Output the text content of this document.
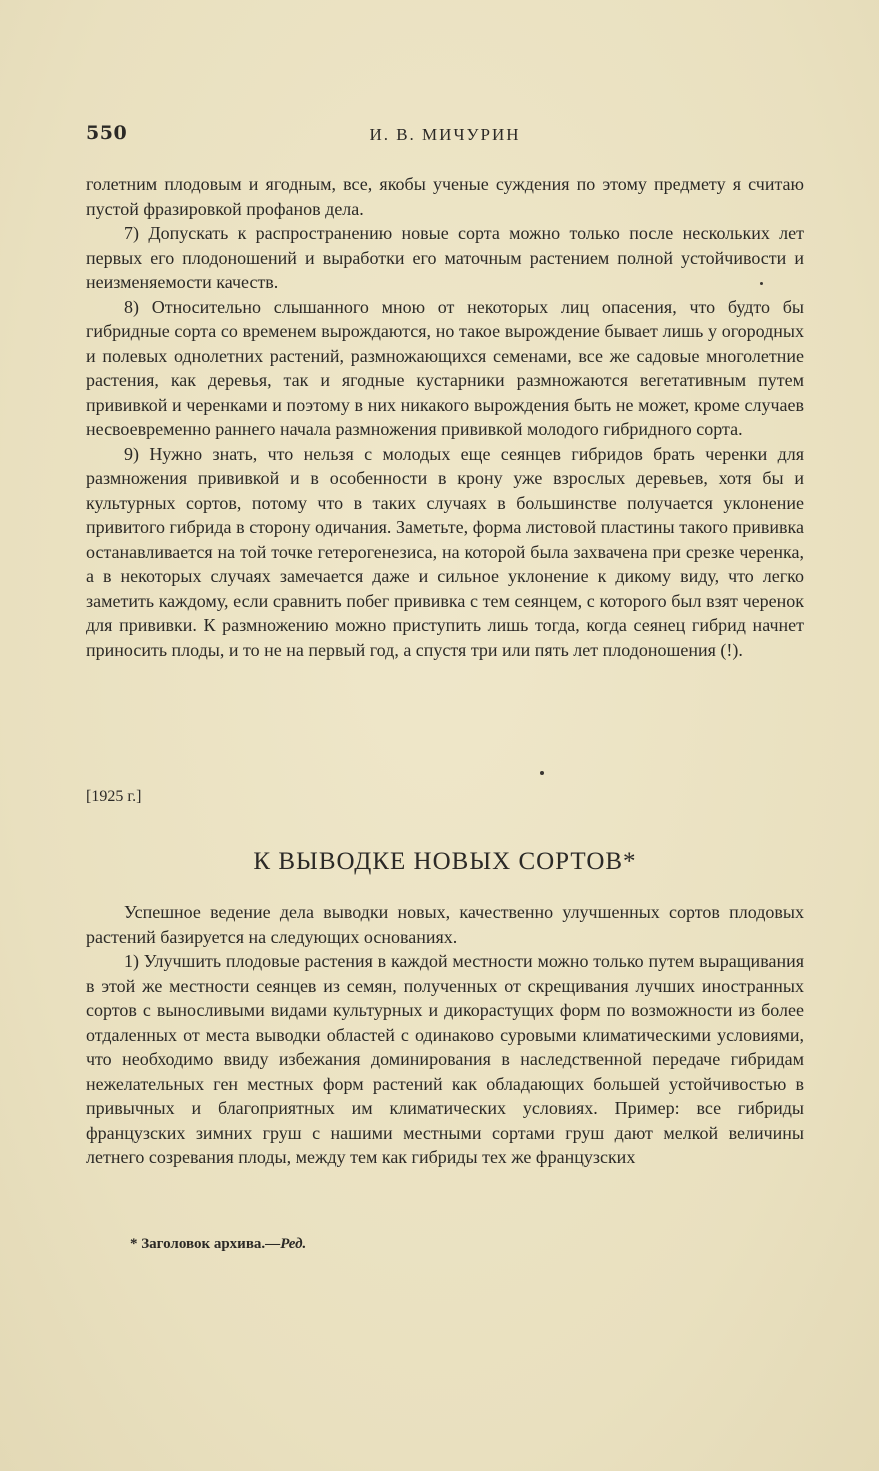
550	И. В. МИЧУРИН

голетним плодовым и ягодным, все, якобы ученые суждения по этому предмету я считаю пустой фразировкой профанов дела.

7) Допускать к распространению новые сорта можно только после нескольких лет первых его плодоношений и выработки его маточным растением полной устойчивости и неизменяемости качеств.

8) Относительно слышанного мною от некоторых лиц опасения, что будто бы гибридные сорта со временем вырождаются, но такое вырождение бывает лишь у огородных и полевых однолетних растений, размножающихся семенами, все же садовые многолетние растения, как деревья, так и ягодные кустарники размножаются вегетативным путем прививкой и черенками и поэтому в них никакого вырождения быть не может, кроме случаев несвоевременно раннего начала размножения прививкой молодого гибридного сорта.

9) Нужно знать, что нельзя с молодых еще сеянцев гибридов брать черенки для размножения прививкой и в особенности в крону уже взрослых деревьев, хотя бы и культурных сортов, потому что в таких случаях в большинстве получается уклонение привитого гибрида в сторону одичания. Заметьте, форма листовой пластины такого прививка останавливается на той точке гетерогенезиса, на которой была захвачена при срезке черенка, а в некоторых случаях замечается даже и сильное уклонение к дикому виду, что легко заметить каждому, если сравнить побег прививка с тем сеянцем, с которого был взят черенок для прививки. К размножению можно приступить лишь тогда, когда сеянец гибрид начнет приносить плоды, и то не на первый год, а спустя три или пять лет плодоношения (!).

[1925 г.]
К ВЫВОДКЕ НОВЫХ СОРТОВ*

Успешное ведение дела выводки новых, качественно улучшенных сортов плодовых растений базируется на следующих основаниях.

1) Улучшить плодовые растения в каждой местности можно только путем выращивания в этой же местности сеянцев из семян, полученных от скрещивания лучших иностранных сортов с выносливыми видами культурных и дикорастущих форм по возможности из более отдаленных от места выводки областей с одинаково суровыми климатическими условиями, что необходимо ввиду избежания доминирования в наследственной передаче гибридам нежелательных ген местных форм растений как обладающих большей устойчивостью в привычных и благоприятных им климатических условиях. Пример: все гибриды французских зимних груш с нашими местными сортами груш дают мелкой величины летнего созревания плоды, между тем как гибриды тех же французских

* Заголовок архива.—Ред.
